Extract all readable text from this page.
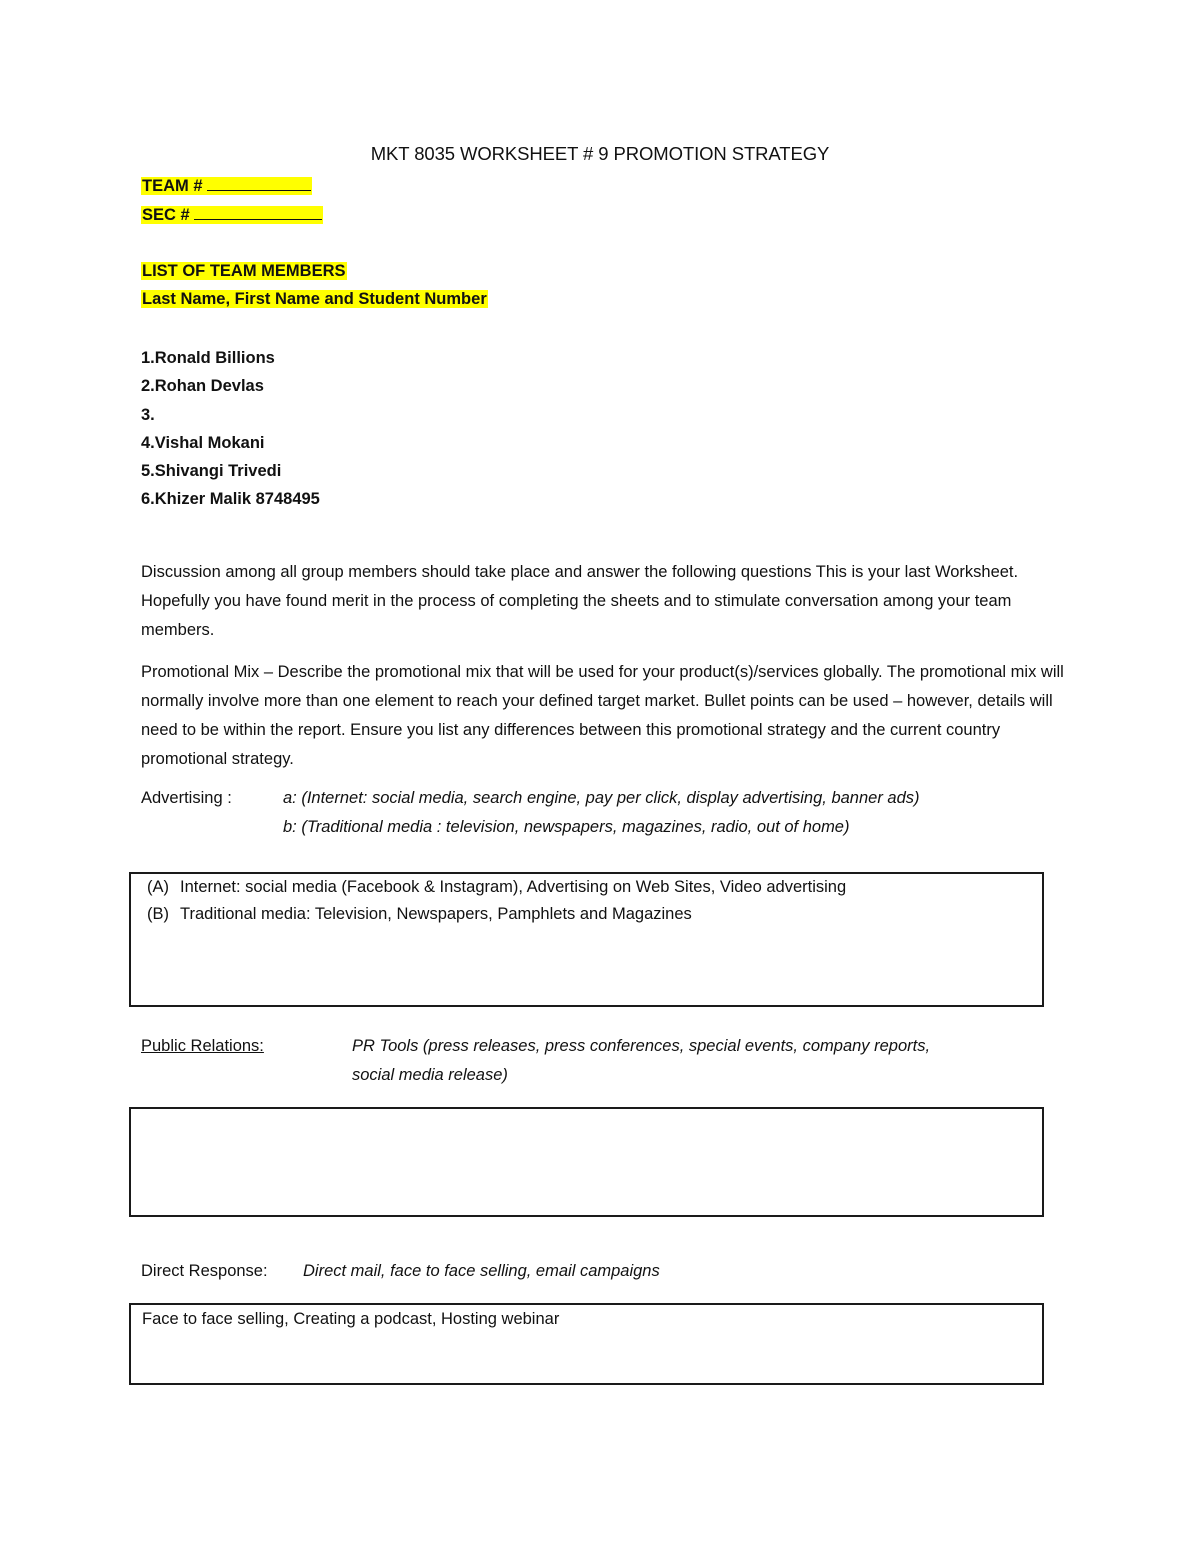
MKT 8035 WORKSHEET # 9 PROMOTION STRATEGY
TEAM #
SEC #
LIST OF TEAM MEMBERS
Last Name, First Name and Student Number
1.Ronald Billions
2.Rohan Devlas
3.
4.Vishal Mokani
5.Shivangi Trivedi
6.Khizer Malik 8748495
Discussion among all group members should take place and answer the following questions This is your last Worksheet. Hopefully you have found merit in the process of completing the sheets and to stimulate conversation among your team members.
Promotional Mix – Describe the promotional mix that will be used for your product(s)/services globally. The promotional mix will normally involve more than one element to reach your defined target market. Bullet points can be used – however, details will need to be within the report. Ensure you list any differences between this promotional strategy and the current country promotional strategy.
Advertising :	a: (Internet: social media, search engine, pay per click, display advertising, banner ads)
b: (Traditional media : television, newspapers, magazines, radio, out of home)
(A) Internet: social media (Facebook & Instagram), Advertising on Web Sites, Video advertising
(B) Traditional media: Television, Newspapers, Pamphlets and Magazines
Public Relations:	PR Tools (press releases, press conferences, special events, company reports,
social media release)
Direct Response: Direct mail, face to face selling, email campaigns
Face to face selling, Creating a podcast, Hosting webinar
